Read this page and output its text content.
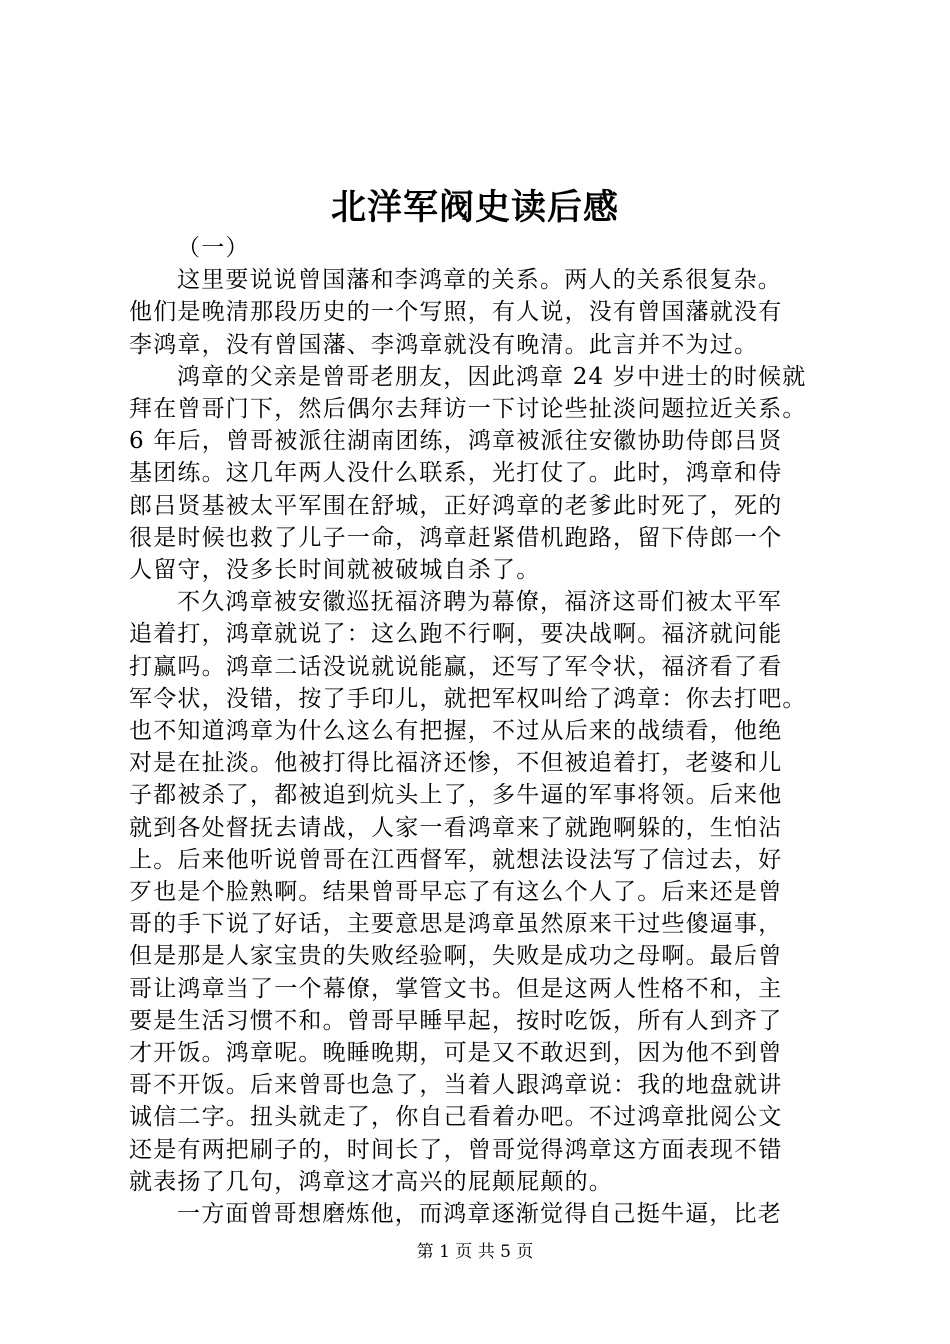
北洋军阀史读后感
（一）
这里要说说曾国藩和李鸿章的关系。两人的关系很复杂。
他们是晚清那段历史的一个写照，有人说，没有曾国藩就没有
李鸿章，没有曾国藩、李鸿章就没有晚清。此言并不为过。
鸿章的父亲是曾哥老朋友，因此鸿章 24 岁中进士的时候就
拜在曾哥门下，然后偶尔去拜访一下讨论些扯淡问题拉近关系。
6 年后，曾哥被派往湖南团练，鸿章被派往安徽协助侍郎吕贤
基团练。这几年两人没什么联系，光打仗了。此时，鸿章和侍
郎吕贤基被太平军围在舒城，正好鸿章的老爹此时死了，死的
很是时候也救了儿子一命，鸿章赶紧借机跑路，留下侍郎一个
人留守，没多长时间就被破城自杀了。
不久鸿章被安徽巡抚福济聘为幕僚，福济这哥们被太平军
追着打，鸿章就说了：这么跑不行啊，要决战啊。福济就问能
打赢吗。鸿章二话没说就说能赢，还写了军令状，福济看了看
军令状，没错，按了手印儿，就把军权叫给了鸿章：你去打吧。
也不知道鸿章为什么这么有把握，不过从后来的战绩看，他绝
对是在扯淡。他被打得比福济还惨，不但被追着打，老婆和儿
子都被杀了，都被追到炕头上了，多牛逼的军事将领。后来他
就到各处督抚去请战，人家一看鸿章来了就跑啊躲的，生怕沾
上。后来他听说曾哥在江西督军，就想法设法写了信过去，好
歹也是个脸熟啊。结果曾哥早忘了有这么个人了。后来还是曾
哥的手下说了好话，主要意思是鸿章虽然原来干过些傻逼事，
但是那是人家宝贵的失败经验啊，失败是成功之母啊。最后曾
哥让鸿章当了一个幕僚，掌管文书。但是这两人性格不和，主
要是生活习惯不和。曾哥早睡早起，按时吃饭，所有人到齐了
才开饭。鸿章呢。晚睡晚期，可是又不敢迟到，因为他不到曾
哥不开饭。后来曾哥也急了，当着人跟鸿章说：我的地盘就讲
诚信二字。扭头就走了，你自己看着办吧。不过鸿章批阅公文
还是有两把刷子的，时间长了，曾哥觉得鸿章这方面表现不错
就表扬了几句，鸿章这才高兴的屁颠屁颠的。
一方面曾哥想磨炼他，而鸿章逐渐觉得自己挺牛逼，比老
第 1 页 共 5 页
